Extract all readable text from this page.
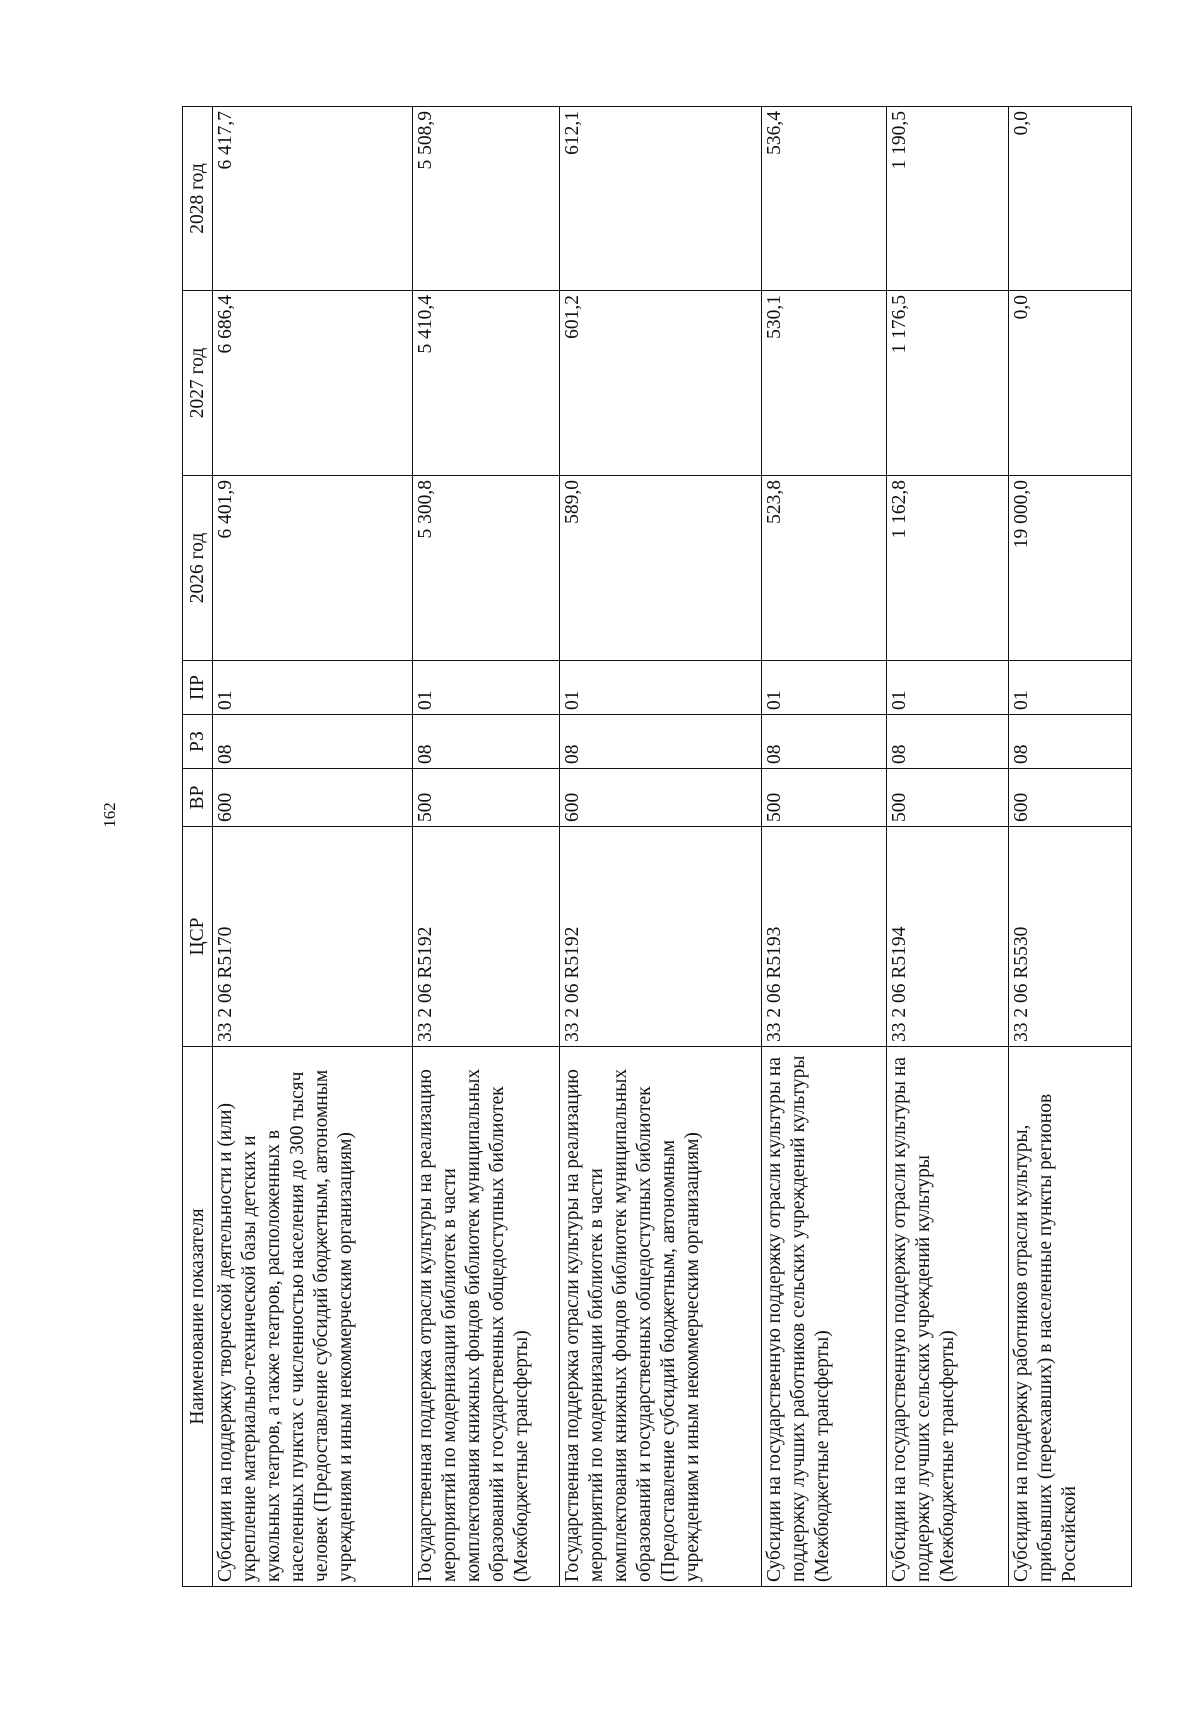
162
Наименование показателя	ЦСР	ВР	РЗ	ПР	2026 год	2027 год	2028 год

Субсидии на поддержку творческой деятельности и (или) укрепление материально-технической базы детских и кукольных театров, а также театров, расположенных в населенных пунктах с численностью населения до 300 тысяч человек (Предоставление субсидий бюджетным, автономным учреждениям и иным некоммерческим организациям)	33 2 06 R5170	600	08	01	6 401,9	6 686,4	6 417,7

Государственная поддержка отрасли культуры на реализацию мероприятий по модернизации библиотек в части комплектования книжных фондов библиотек муниципальных образований и государственных общедоступных библиотек (Межбюджетные трансферты)	33 2 06 R5192	500	08	01	5 300,8	5 410,4	5 508,9

Государственная поддержка отрасли культуры на реализацию мероприятий по модернизации библиотек в части комплектования книжных фондов библиотек муниципальных образований и государственных общедоступных библиотек (Предоставление субсидий бюджетным, автономным учреждениям и иным некоммерческим организациям)	33 2 06 R5192	600	08	01	589,0	601,2	612,1

Субсидии на государственную поддержку отрасли культуры на поддержку лучших работников сельских учреждений культуры (Межбюджетные трансферты)	33 2 06 R5193	500	08	01	523,8	530,1	536,4

Субсидии на государственную поддержку отрасли культуры на поддержку лучших сельских учреждений культуры (Межбюджетные трансферты)	33 2 06 R5194	500	08	01	1 162,8	1 176,5	1 190,5

Субсидии на поддержку работников отрасли культуры, прибывших (переехавших) в населенные пункты регионов Российской	33 2 06 R5530	600	08	01	19 000,0	0,0	0,0
